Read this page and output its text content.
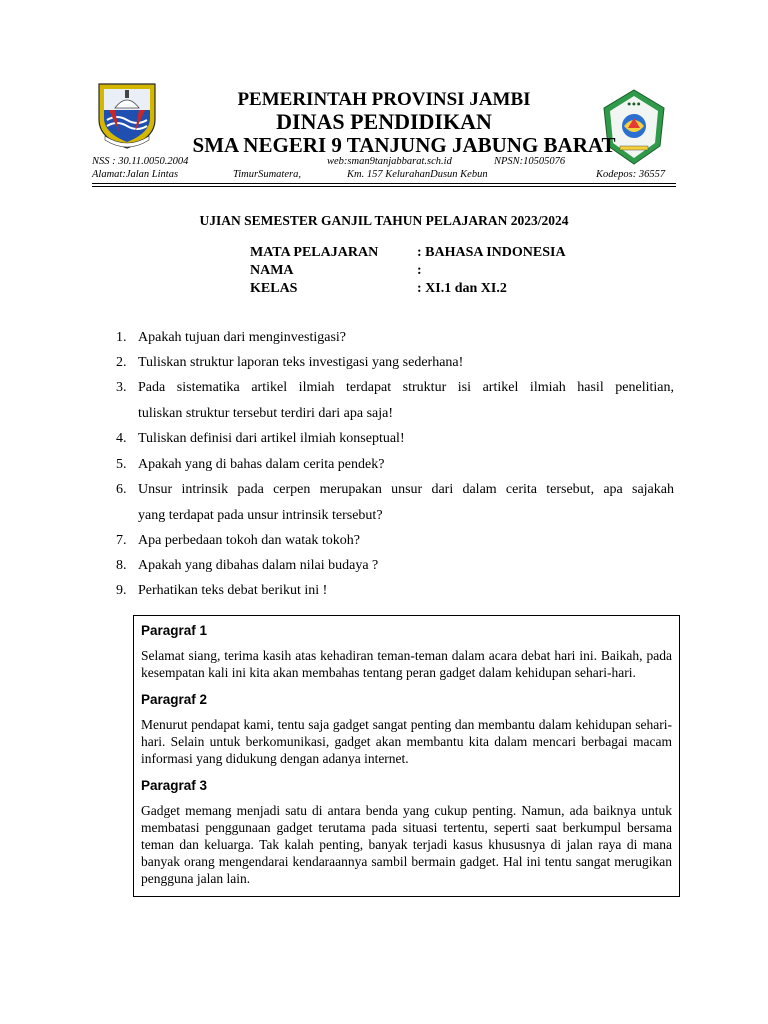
● ● ●
PEMERINTAH PROVINSI JAMBI
DINAS PENDIDIKAN
SMA NEGERI 9 TANJUNG JABUNG BARAT
NSS : 30.11.0050.2004	web:sman9tanjabbarat.sch.id	NPSN:10505076
Alamat:Jalan Lintas	TimurSumatera,	Km. 157 KelurahanDusun Kebun	Kodepos: 36557
UJIAN SEMESTER GANJIL TAHUN PELAJARAN 2023/2024
MATA PELAJARAN	: BAHASA INDONESIA
NAMA	:
KELAS	: XI.1 dan XI.2
1. Apakah tujuan dari menginvestigasi?
2. Tuliskan struktur laporan teks investigasi yang sederhana!
3. Pada sistematika artikel ilmiah terdapat struktur isi artikel ilmiah hasil penelitian,
tuliskan struktur tersebut terdiri dari apa saja!
4. Tuliskan definisi dari artikel ilmiah konseptual!
5. Apakah yang di bahas dalam cerita pendek?
6. Unsur intrinsik pada cerpen merupakan unsur dari dalam cerita tersebut, apa sajakah
yang terdapat pada unsur intrinsik tersebut?
7. Apa perbedaan tokoh dan watak tokoh?
8. Apakah yang dibahas dalam nilai budaya ?
9. Perhatikan teks debat berikut ini !
Paragraf 1
Selamat siang, terima kasih atas kehadiran teman-teman dalam acara debat hari ini. Baikah, pada kesempatan kali ini kita akan membahas tentang peran gadget dalam kehidupan sehari-hari.
Paragraf 2
Menurut pendapat kami, tentu saja gadget sangat penting dan membantu dalam kehidupan sehari-hari. Selain untuk berkomunikasi, gadget akan membantu kita dalam mencari berbagai macam informasi yang didukung dengan adanya internet.
Paragraf 3
Gadget memang menjadi satu di antara benda yang cukup penting. Namun, ada baiknya untuk membatasi penggunaan gadget terutama pada situasi tertentu, seperti saat berkumpul bersama teman dan keluarga. Tak kalah penting, banyak terjadi kasus khususnya di jalan raya di mana banyak orang mengendarai kendaraannya sambil bermain gadget. Hal ini tentu sangat merugikan pengguna jalan lain.
